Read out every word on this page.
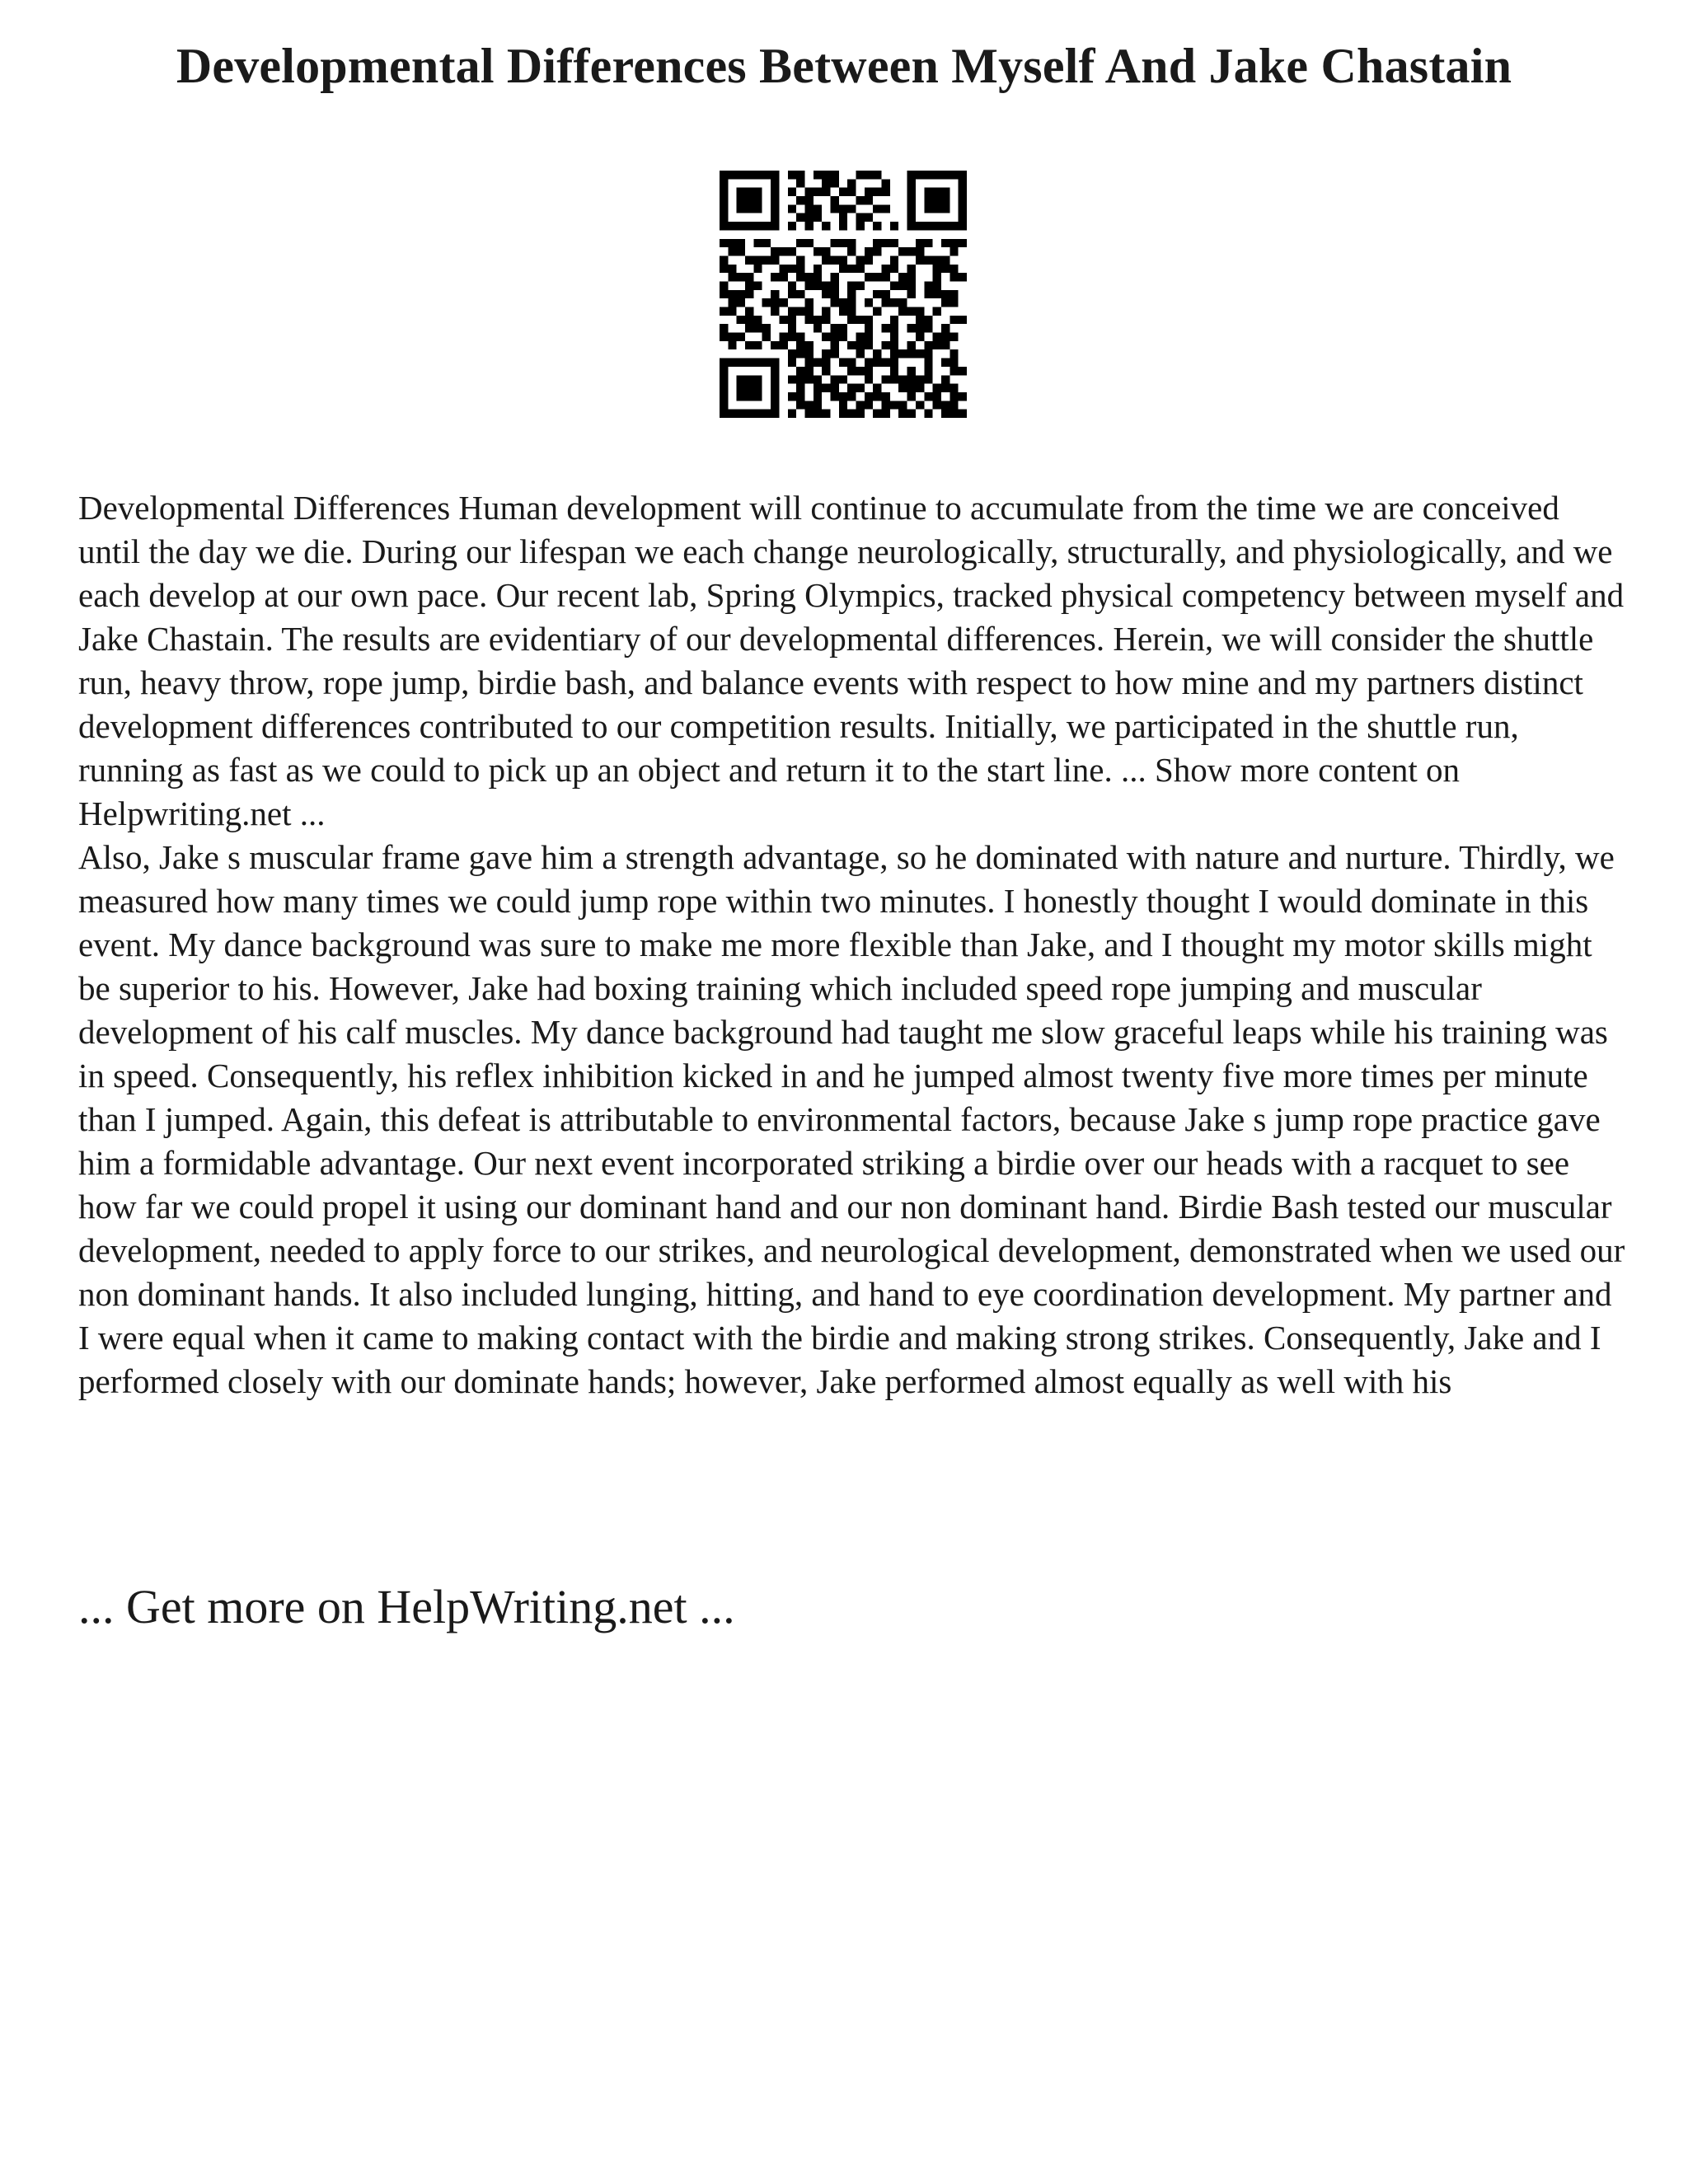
Developmental Differences Between Myself And Jake Chastain

Developmental Differences Human development will continue to accumulate from the time we are conceived until the day we die. During our lifespan we each change neurologically, structurally, and physiologically, and we each develop at our own pace. Our recent lab, Spring Olympics, tracked physical competency between myself and Jake Chastain. The results are evidentiary of our developmental differences. Herein, we will consider the shuttle run, heavy throw, rope jump, birdie bash, and balance events with respect to how mine and my partners distinct development differences contributed to our competition results. Initially, we participated in the shuttle run, running as fast as we could to pick up an object and return it to the start line. ... Show more content on Helpwriting.net ...

Also, Jake s muscular frame gave him a strength advantage, so he dominated with nature and nurture. Thirdly, we measured how many times we could jump rope within two minutes. I honestly thought I would dominate in this event. My dance background was sure to make me more flexible than Jake, and I thought my motor skills might be superior to his. However, Jake had boxing training which included speed rope jumping and muscular development of his calf muscles. My dance background had taught me slow graceful leaps while his training was in speed. Consequently, his reflex inhibition kicked in and he jumped almost twenty five more times per minute than I jumped. Again, this defeat is attributable to environmental factors, because Jake s jump rope practice gave him a formidable advantage. Our next event incorporated striking a birdie over our heads with a racquet to see how far we could propel it using our dominant hand and our non dominant hand. Birdie Bash tested our muscular development, needed to apply force to our strikes, and neurological development, demonstrated when we used our non dominant hands. It also included lunging, hitting, and hand to eye coordination development. My partner and I were equal when it came to making contact with the birdie and making strong strikes. Consequently, Jake and I performed closely with our dominate hands; however, Jake performed almost equally as well with his

... Get more on HelpWriting.net ...
